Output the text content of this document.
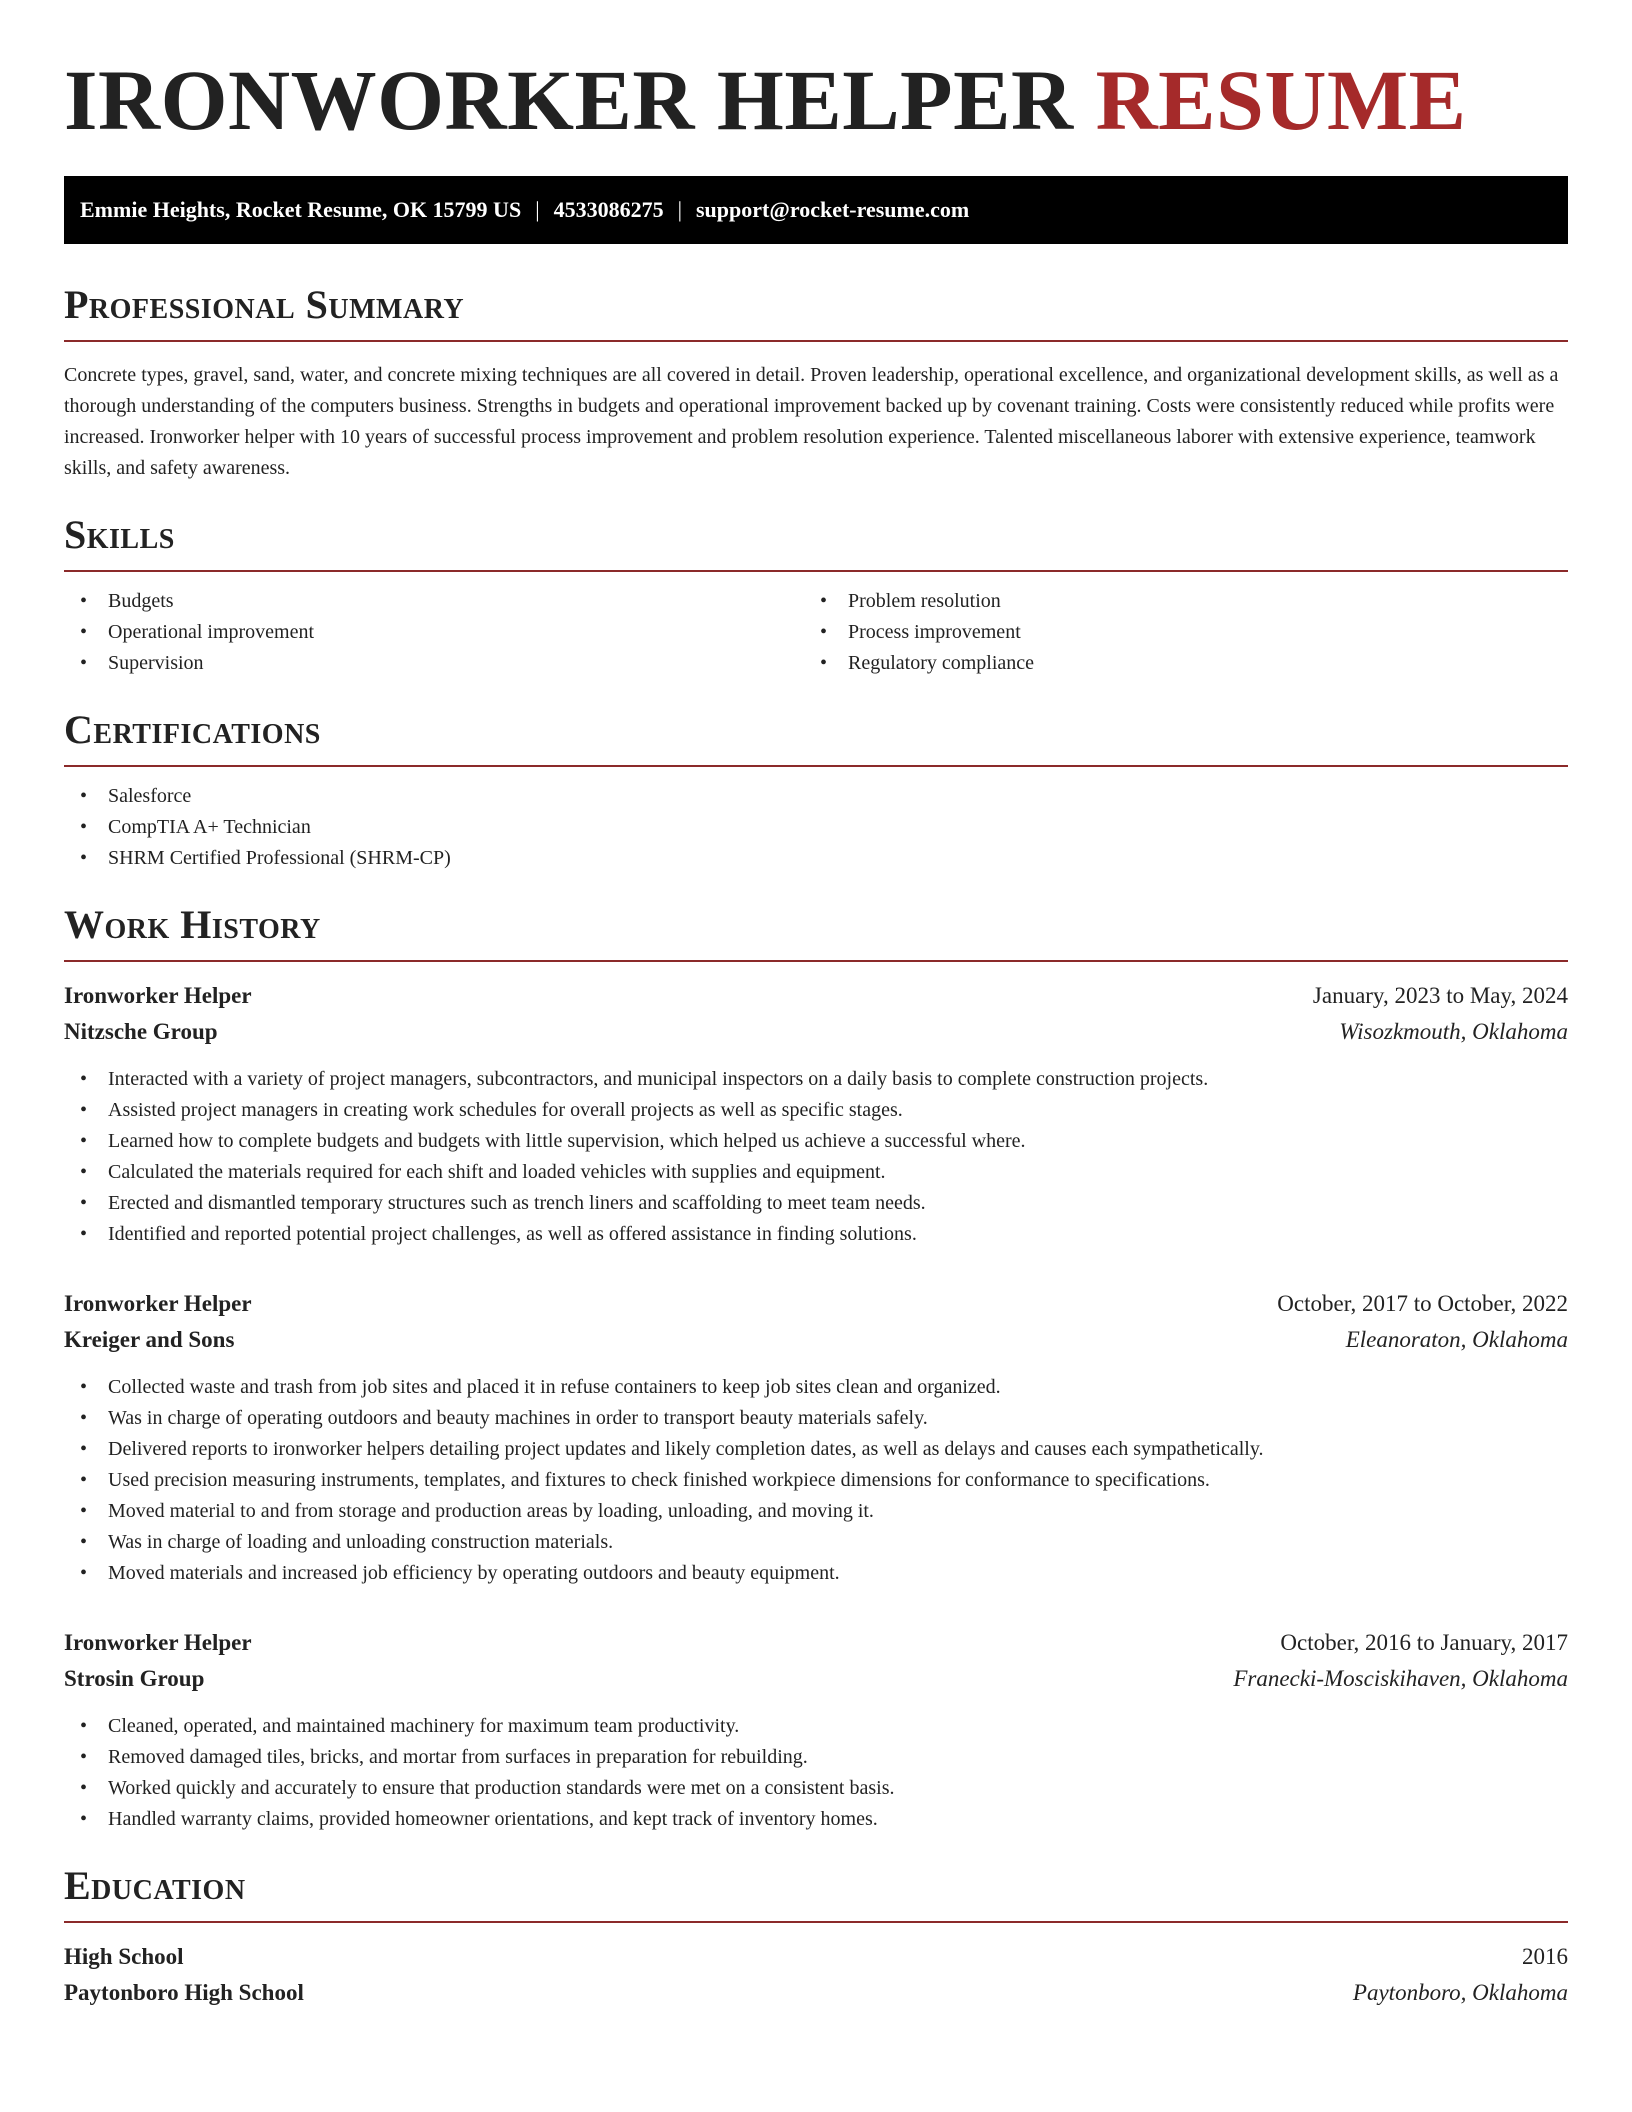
IRONWORKER HELPER RESUME
Emmie Heights, Rocket Resume, OK 15799 US | 4533086275 | support@rocket-resume.com
Professional Summary

Concrete types, gravel, sand, water, and concrete mixing techniques are all covered in detail. Proven leadership, operational excellence, and organizational development skills, as well as a thorough understanding of the computers business. Strengths in budgets and operational improvement backed up by covenant training. Costs were consistently reduced while profits were increased. Ironworker helper with 10 years of successful process improvement and problem resolution experience. Talented miscellaneous laborer with extensive experience, teamwork skills, and safety awareness.

Skills
• Budgets
• Operational improvement
• Supervision
• Problem resolution
• Process improvement
• Regulatory compliance
Certifications
• Salesforce
• CompTIA A+ Technician
• SHRM Certified Professional (SHRM-CP)
Work History
Ironworker Helper	January, 2023 to May, 2024
Nitzsche Group	Wisozkmouth, Oklahoma
• Interacted with a variety of project managers, subcontractors, and municipal inspectors on a daily basis to complete construction projects.
• Assisted project managers in creating work schedules for overall projects as well as specific stages.
• Learned how to complete budgets and budgets with little supervision, which helped us achieve a successful where.
• Calculated the materials required for each shift and loaded vehicles with supplies and equipment.
• Erected and dismantled temporary structures such as trench liners and scaffolding to meet team needs.
• Identified and reported potential project challenges, as well as offered assistance in finding solutions.
Ironworker Helper	October, 2017 to October, 2022
Kreiger and Sons	Eleanoraton, Oklahoma
• Collected waste and trash from job sites and placed it in refuse containers to keep job sites clean and organized.
• Was in charge of operating outdoors and beauty machines in order to transport beauty materials safely.
• Delivered reports to ironworker helpers detailing project updates and likely completion dates, as well as delays and causes each sympathetically.
• Used precision measuring instruments, templates, and fixtures to check finished workpiece dimensions for conformance to specifications.
• Moved material to and from storage and production areas by loading, unloading, and moving it.
• Was in charge of loading and unloading construction materials.
• Moved materials and increased job efficiency by operating outdoors and beauty equipment.
Ironworker Helper	October, 2016 to January, 2017
Strosin Group	Franecki-Mosciskihaven, Oklahoma
• Cleaned, operated, and maintained machinery for maximum team productivity.
• Removed damaged tiles, bricks, and mortar from surfaces in preparation for rebuilding.
• Worked quickly and accurately to ensure that production standards were met on a consistent basis.
• Handled warranty claims, provided homeowner orientations, and kept track of inventory homes.
Education
High School	2016
Paytonboro High School	Paytonboro, Oklahoma
